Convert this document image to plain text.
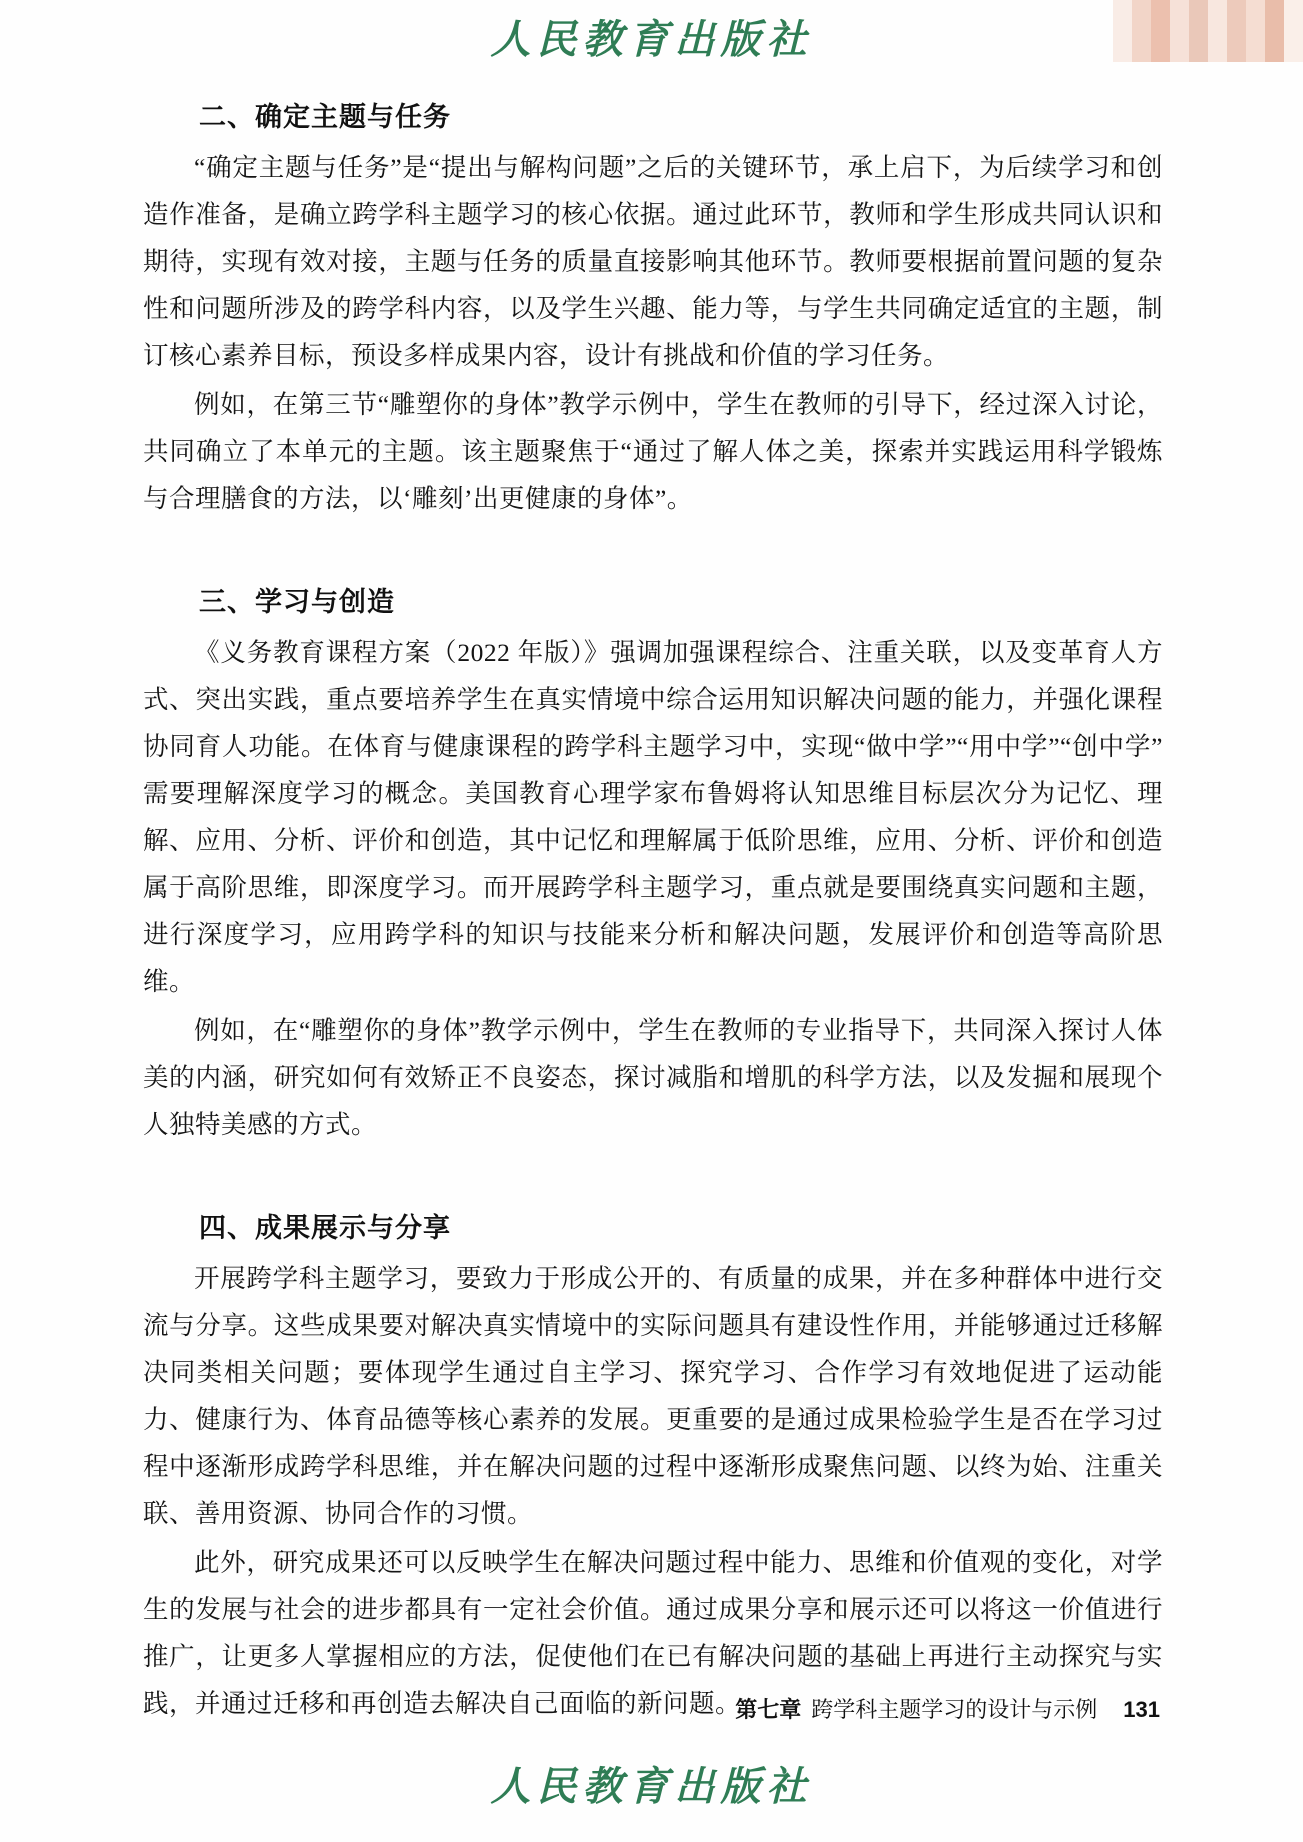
人民教育出版社
二、确定主题与任务

“确定主题与任务”是“提出与解构问题”之后的关键环节，承上启下，为后续学习和创造作准备，是确立跨学科主题学习的核心依据。通过此环节，教师和学生形成共同认识和期待，实现有效对接，主题与任务的质量直接影响其他环节。教师要根据前置问题的复杂性和问题所涉及的跨学科内容，以及学生兴趣、能力等，与学生共同确定适宜的主题，制订核心素养目标，预设多样成果内容，设计有挑战和价值的学习任务。

例如，在第三节“雕塑你的身体”教学示例中，学生在教师的引导下，经过深入讨论，共同确立了本单元的主题。该主题聚焦于“通过了解人体之美，探索并实践运用科学锻炼与合理膳食的方法，以‘雕刻’出更健康的身体”。

三、学习与创造

《义务教育课程方案（2022 年版）》强调加强课程综合、注重关联，以及变革育人方式、突出实践，重点要培养学生在真实情境中综合运用知识解决问题的能力，并强化课程协同育人功能。在体育与健康课程的跨学科主题学习中，实现“做中学”“用中学”“创中学”需要理解深度学习的概念。美国教育心理学家布鲁姆将认知思维目标层次分为记忆、理解、应用、分析、评价和创造，其中记忆和理解属于低阶思维，应用、分析、评价和创造属于高阶思维，即深度学习。而开展跨学科主题学习，重点就是要围绕真实问题和主题，进行深度学习，应用跨学科的知识与技能来分析和解决问题，发展评价和创造等高阶思维。

例如，在“雕塑你的身体”教学示例中，学生在教师的专业指导下，共同深入探讨人体美的内涵，研究如何有效矫正不良姿态，探讨减脂和增肌的科学方法，以及发掘和展现个人独特美感的方式。

四、成果展示与分享

开展跨学科主题学习，要致力于形成公开的、有质量的成果，并在多种群体中进行交流与分享。这些成果要对解决真实情境中的实际问题具有建设性作用，并能够通过迁移解决同类相关问题；要体现学生通过自主学习、探究学习、合作学习有效地促进了运动能力、健康行为、体育品德等核心素养的发展。更重要的是通过成果检验学生是否在学习过程中逐渐形成跨学科思维，并在解决问题的过程中逐渐形成聚焦问题、以终为始、注重关联、善用资源、协同合作的习惯。

此外，研究成果还可以反映学生在解决问题过程中能力、思维和价值观的变化，对学生的发展与社会的进步都具有一定社会价值。通过成果分享和展示还可以将这一价值进行推广，让更多人掌握相应的方法，促使他们在已有解决问题的基础上再进行主动探究与实践，并通过迁移和再创造去解决自己面临的新问题。

第七章 跨学科主题学习的设计与示例 131
人民教育出版社
